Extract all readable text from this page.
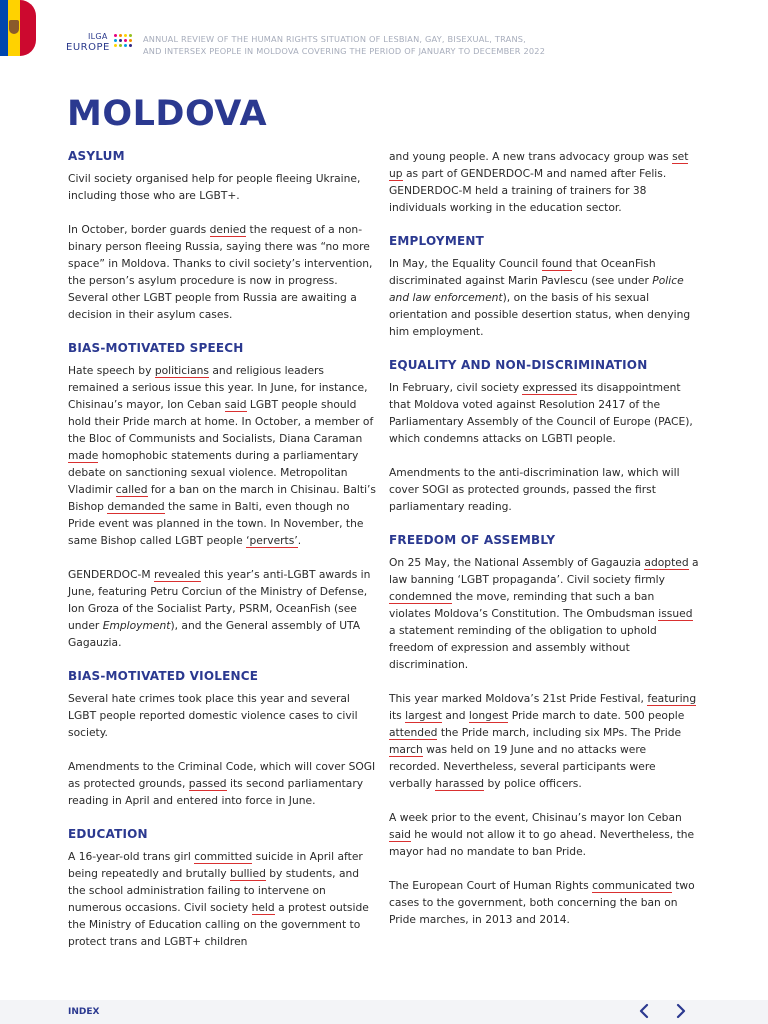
ILGA
EUROPE
ANNUAL REVIEW OF THE HUMAN RIGHTS SITUATION OF LESBIAN, GAY, BISEXUAL, TRANS,
AND INTERSEX PEOPLE IN MOLDOVA COVERING THE PERIOD OF JANUARY TO DECEMBER 2022
MOLDOVA
ASYLUM

Civil society organised help for people fleeing Ukraine, including those who are LGBT+.

In October, border guards denied the request of a non-binary person fleeing Russia, saying there was “no more space” in Moldova. Thanks to civil society’s intervention, the person’s asylum procedure is now in progress. Several other LGBT people from Russia are awaiting a decision in their asylum cases.

BIAS-MOTIVATED SPEECH

Hate speech by politicians and religious leaders remained a serious issue this year. In June, for instance, Chisinau’s mayor, Ion Ceban said LGBT people should hold their Pride march at home. In October, a member of the Bloc of Communists and Socialists, Diana Caraman made homophobic statements during a parliamentary debate on sanctioning sexual violence. Metropolitan Vladimir called for a ban on the march in Chisinau. Balti’s Bishop demanded the same in Balti, even though no Pride event was planned in the town. In November, the same Bishop called LGBT people ‘perverts’.

GENDERDOC-M revealed this year’s anti-LGBT awards in June, featuring Petru Corciun of the Ministry of Defense, Ion Groza of the Socialist Party, PSRM, OceanFish (see under Employment), and the General assembly of UTA Gagauzia.

BIAS-MOTIVATED VIOLENCE

Several hate crimes took place this year and several LGBT people reported domestic violence cases to civil society.

Amendments to the Criminal Code, which will cover SOGI as protected grounds, passed its second parliamentary reading in April and entered into force in June.

EDUCATION

A 16-year-old trans girl committed suicide in April after being repeatedly and brutally bullied by students, and the school administration failing to intervene on numerous occasions. Civil society held a protest outside the Ministry of Education calling on the government to protect trans and LGBT+ children

and young people. A new trans advocacy group was set up as part of GENDERDOC-M and named after Felis. GENDERDOC-M held a training of trainers for 38 individuals working in the education sector.

EMPLOYMENT

In May, the Equality Council found that OceanFish discriminated against Marin Pavlescu (see under Police and law enforcement), on the basis of his sexual orientation and possible desertion status, when denying him employment.

EQUALITY AND NON-DISCRIMINATION

In February, civil society expressed its disappointment that Moldova voted against Resolution 2417 of the Parliamentary Assembly of the Council of Europe (PACE), which condemns attacks on LGBTI people.

Amendments to the anti-discrimination law, which will cover SOGI as protected grounds, passed the first parliamentary reading.

FREEDOM OF ASSEMBLY

On 25 May, the National Assembly of Gagauzia adopted a law banning ‘LGBT propaganda’. Civil society firmly condemned the move, reminding that such a ban violates Moldova’s Constitution. The Ombudsman issued a statement reminding of the obligation to uphold freedom of expression and assembly without discrimination.

This year marked Moldova’s 21st Pride Festival, featuring its largest and longest Pride march to date. 500 people attended the Pride march, including six MPs. The Pride march was held on 19 June and no attacks were recorded. Nevertheless, several participants were verbally harassed by police officers.

A week prior to the event, Chisinau’s mayor Ion Ceban said he would not allow it to go ahead. Nevertheless, the mayor had no mandate to ban Pride.

The European Court of Human Rights communicated two cases to the government, both concerning the ban on Pride marches, in 2013 and 2014.

INDEX
